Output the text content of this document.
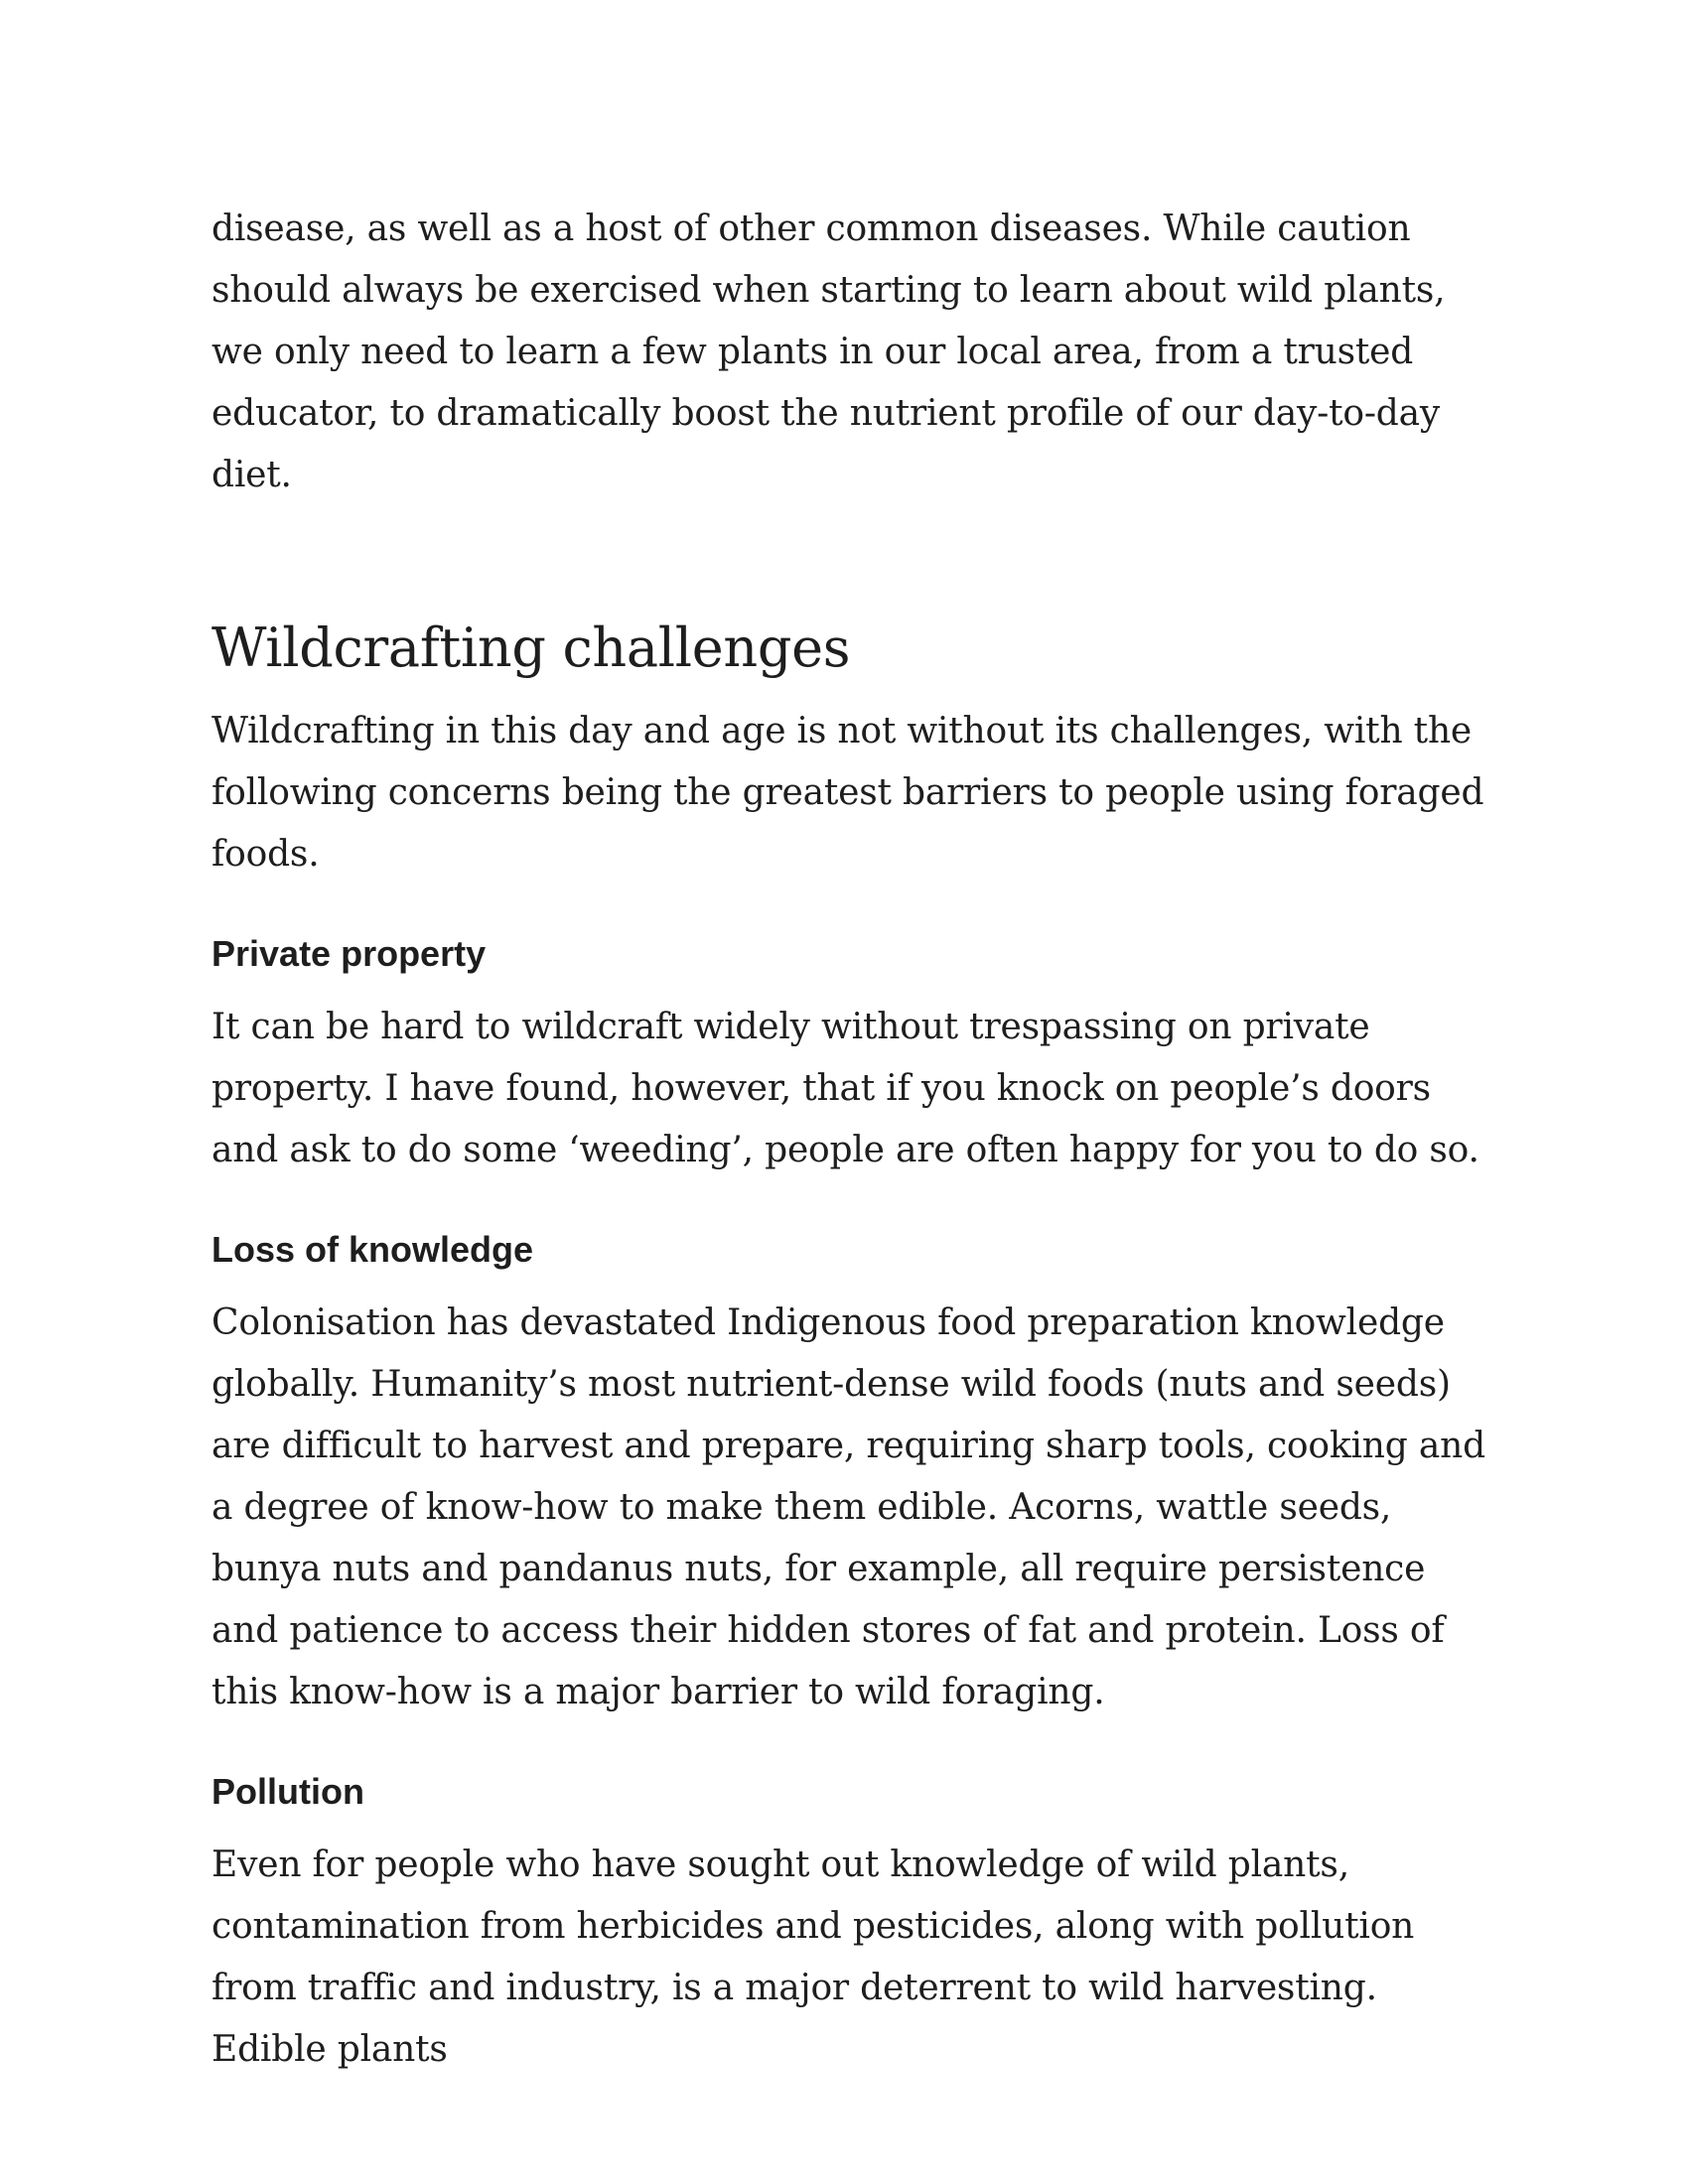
disease, as well as a host of other common diseases. While caution should always be exercised when starting to learn about wild plants, we only need to learn a few plants in our local area, from a trusted educator, to dramatically boost the nutrient profile of our day-to-day diet.

Wildcrafting challenges

Wildcrafting in this day and age is not without its challenges, with the following concerns being the greatest barriers to people using foraged foods.

Private property

It can be hard to wildcraft widely without trespassing on private property. I have found, however, that if you knock on people’s doors and ask to do some ‘weeding’, people are often happy for you to do so.

Loss of knowledge

Colonisation has devastated Indigenous food preparation knowledge globally. Humanity’s most nutrient-dense wild foods (nuts and seeds) are difficult to harvest and prepare, requiring sharp tools, cooking and a degree of know-how to make them edible. Acorns, wattle seeds, bunya nuts and pandanus nuts, for example, all require persistence and patience to access their hidden stores of fat and protein. Loss of this know-how is a major barrier to wild foraging.

Pollution

Even for people who have sought out knowledge of wild plants, contamination from herbicides and pesticides, along with pollution from traffic and industry, is a major deterrent to wild harvesting. Edible plants
